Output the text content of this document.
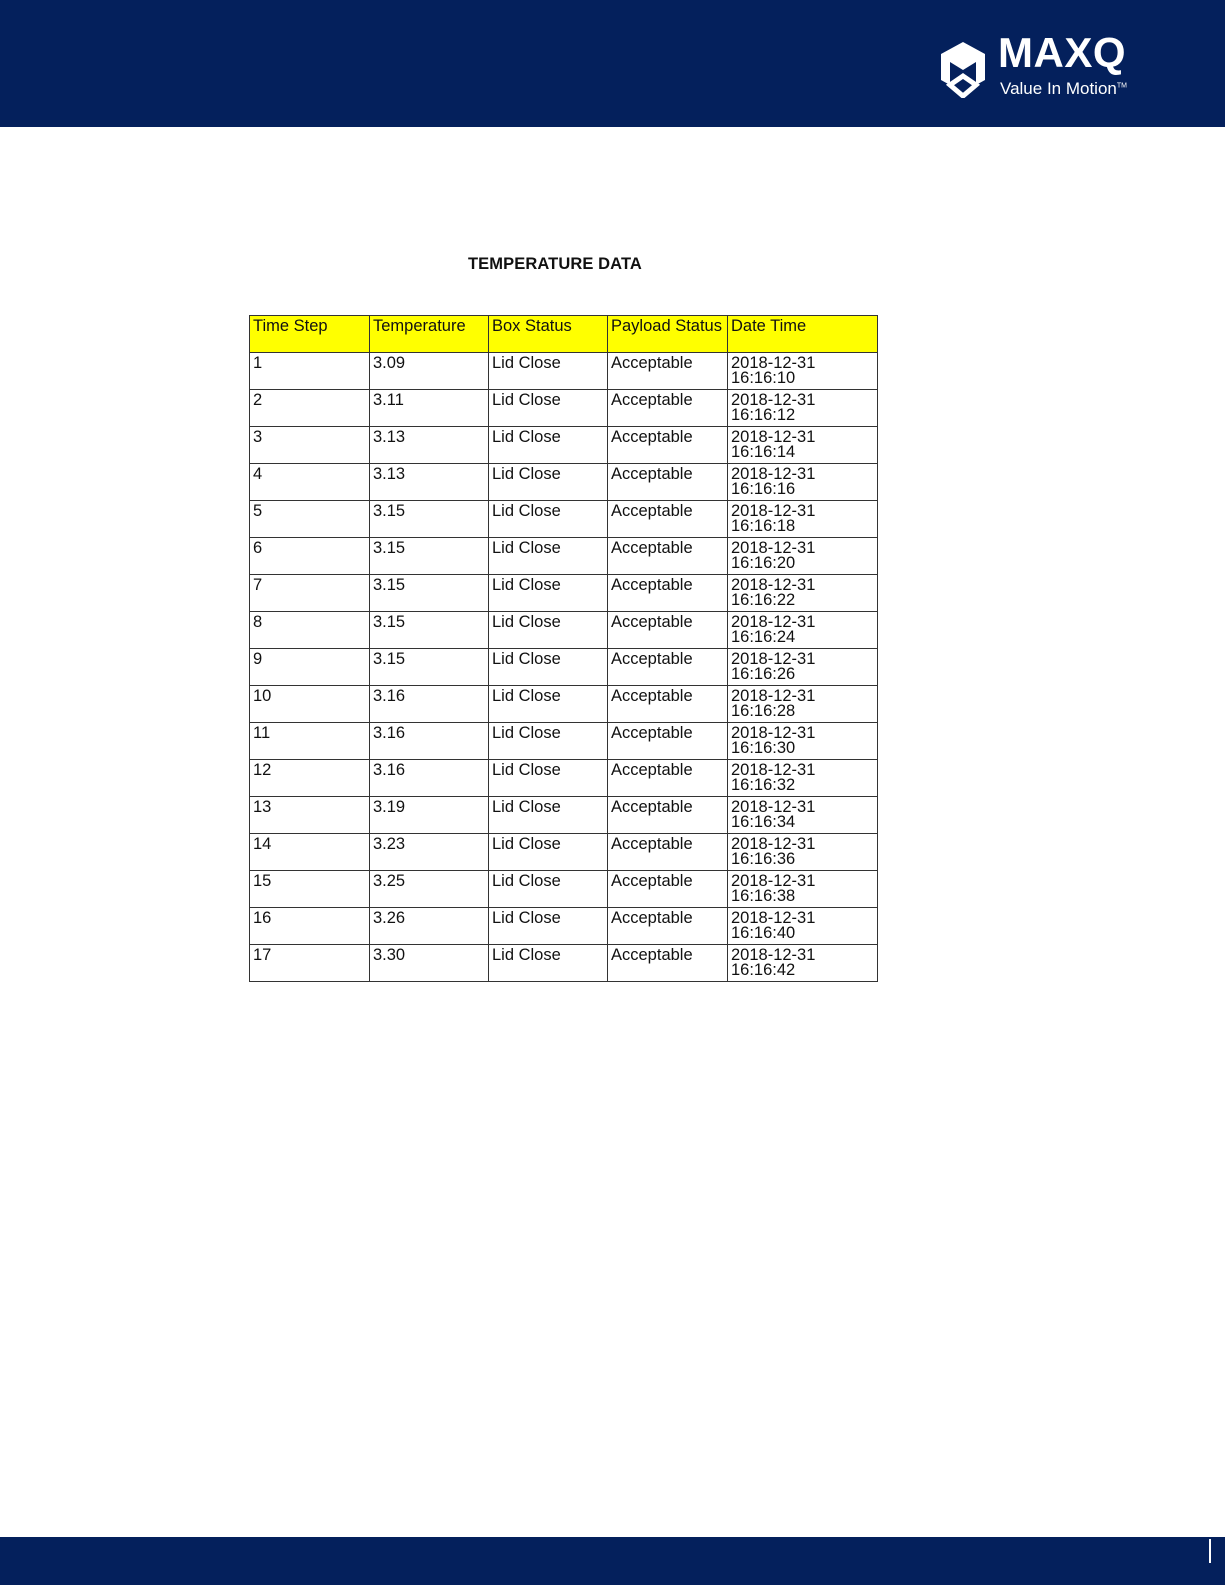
MAXQ
Value In Motion™
TEMPERATURE DATA
Time Step	Temperature	Box Status	Payload Status	Date Time
1	3.09	Lid Close	Acceptable	2018-12-31 16:16:10
2	3.11	Lid Close	Acceptable	2018-12-31 16:16:12
3	3.13	Lid Close	Acceptable	2018-12-31 16:16:14
4	3.13	Lid Close	Acceptable	2018-12-31 16:16:16
5	3.15	Lid Close	Acceptable	2018-12-31 16:16:18
6	3.15	Lid Close	Acceptable	2018-12-31 16:16:20
7	3.15	Lid Close	Acceptable	2018-12-31 16:16:22
8	3.15	Lid Close	Acceptable	2018-12-31 16:16:24
9	3.15	Lid Close	Acceptable	2018-12-31 16:16:26
10	3.16	Lid Close	Acceptable	2018-12-31 16:16:28
11	3.16	Lid Close	Acceptable	2018-12-31 16:16:30
12	3.16	Lid Close	Acceptable	2018-12-31 16:16:32
13	3.19	Lid Close	Acceptable	2018-12-31 16:16:34
14	3.23	Lid Close	Acceptable	2018-12-31 16:16:36
15	3.25	Lid Close	Acceptable	2018-12-31 16:16:38
16	3.26	Lid Close	Acceptable	2018-12-31 16:16:40
17	3.30	Lid Close	Acceptable	2018-12-31 16:16:42
